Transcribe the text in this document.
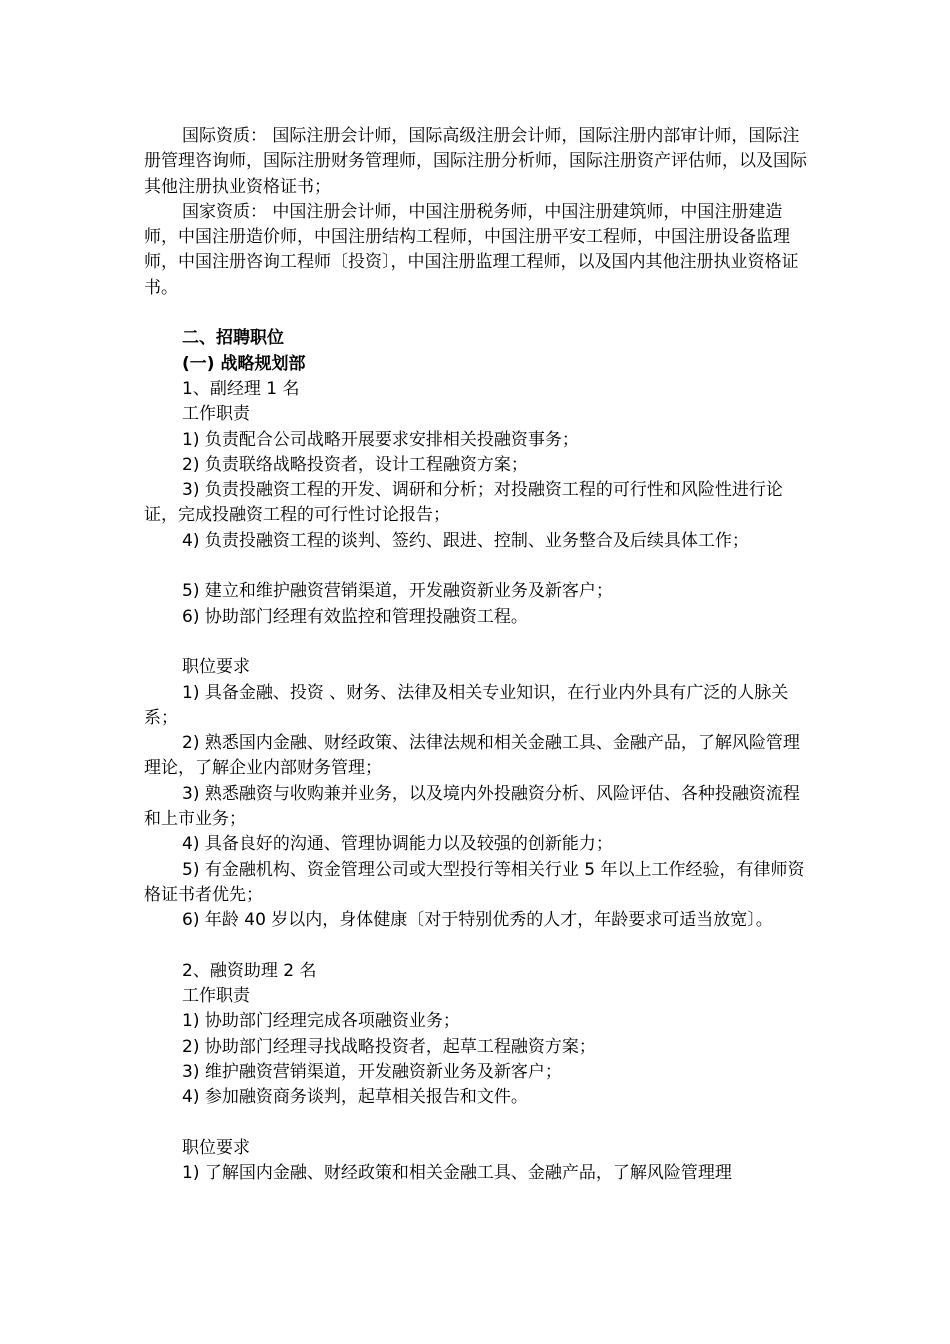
国际资质： 国际注册会计师，国际高级注册会计师，国际注册内部审计师，国际注册管理咨询师，国际注册财务管理师，国际注册分析师，国际注册资产评估师，以及国际其他注册执业资格证书；

国家资质： 中国注册会计师，中国注册税务师，中国注册建筑师，中国注册建造师，中国注册造价师，中国注册结构工程师，中国注册平安工程师，中国注册设备监理师，中国注册咨询工程师〔投资〕，中国注册监理工程师，以及国内其他注册执业资格证书。

二、招聘职位

(一) 战略规划部

1、副经理 1 名

工作职责

1) 负责配合公司战略开展要求安排相关投融资事务；

2) 负责联络战略投资者，设计工程融资方案；

3) 负责投融资工程的开发、调研和分析；对投融资工程的可行性和风险性进行论证，完成投融资工程的可行性讨论报告；

4) 负责投融资工程的谈判、签约、跟进、控制、业务整合及后续具体工作；

5) 建立和维护融资营销渠道，开发融资新业务及新客户；

6) 协助部门经理有效监控和管理投融资工程。

职位要求

1) 具备金融、投资 、财务、法律及相关专业知识，在行业内外具有广泛的人脉关系；

2) 熟悉国内金融、财经政策、法律法规和相关金融工具、金融产品，了解风险管理理论，了解企业内部财务管理；

3) 熟悉融资与收购兼并业务，以及境内外投融资分析、风险评估、各种投融资流程和上市业务；

4) 具备良好的沟通、管理协调能力以及较强的创新能力；

5) 有金融机构、资金管理公司或大型投行等相关行业 5 年以上工作经验，有律师资格证书者优先；

6) 年龄 40 岁以内，身体健康〔对于特别优秀的人才，年龄要求可适当放宽〕。

2、融资助理 2 名

工作职责

1) 协助部门经理完成各项融资业务；

2) 协助部门经理寻找战略投资者，起草工程融资方案；

3) 维护融资营销渠道，开发融资新业务及新客户；

4) 参加融资商务谈判，起草相关报告和文件。

职位要求

1) 了解国内金融、财经政策和相关金融工具、金融产品，了解风险管理理
